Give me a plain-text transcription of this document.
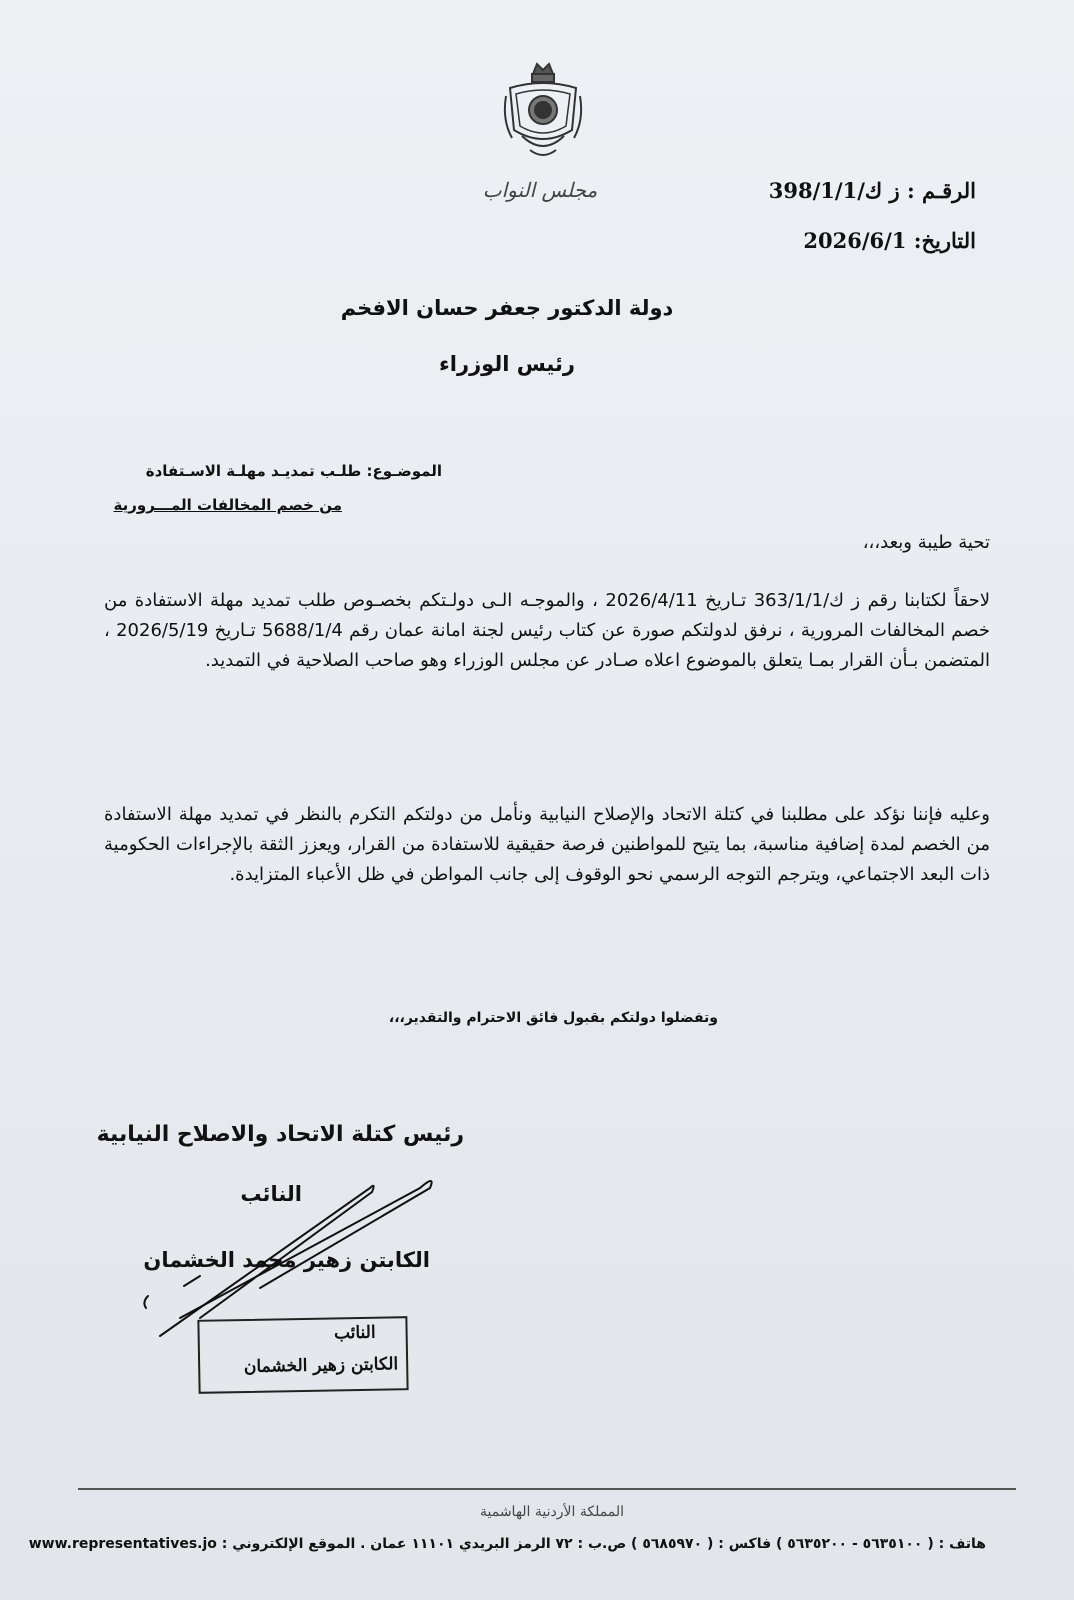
مجلس النواب	الرقـم : ز ك/398/1/1
التاريخ: 2026/6/1
دولة الدكتور جعفر حسان الافخم
رئيس الوزراء
الموضـوع: طلـب تمديـد مهلـة الاسـتفادة
من خصم المخالفات المـــرورية
تحية طيبة وبعد،،،
لاحقاً لكتابنا رقم ز ك/363/1/1 تـاريخ 2026/4/11 ، والموجـه الـى دولـتكم بخصـوص طلب تمديد مهلة الاستفادة من خصم المخالفات المرورية ، نرفق لدولتكم صورة عن كتاب رئيس لجنة امانة عمان رقم 5688/1/4 تـاريخ 2026/5/19 ، المتضمن بـأن القرار بمـا يتعلق بالموضوع اعلاه صـادر عن مجلس الوزراء وهو صاحب الصلاحية في التمديد.
وعليه فإننا نؤكد على مطلبنا في كتلة الاتحاد والإصلاح النيابية ونأمل من دولتكم التكرم بالنظر في تمديد مهلة الاستفادة من الخصم لمدة إضافية مناسبة، بما يتيح للمواطنين فرصة حقيقية للاستفادة من القرار، ويعزز الثقة بالإجراءات الحكومية ذات البعد الاجتماعي، ويترجم التوجه الرسمي نحو الوقوف إلى جانب المواطن في ظل الأعباء المتزايدة.
وتفضلوا دولتكم بقبول فائق الاحترام والتقدير،،،
رئيس كتلة الاتحاد والاصلاح النيابية
النائب
الكابتن زهير محمد الخشمان
النائب
الكابتن زهير الخشمان
المملكة الأردنية الهاشمية
هاتف : ( ٥٦٣٥١٠٠ - ٥٦٣٥٢٠٠ ) فاكس : ( ٥٦٨٥٩٧٠ ) ص.ب : ٧٢ الرمز البريدي ١١١٠١ عمان . الموقع الإلكتروني : www.representatives.jo
